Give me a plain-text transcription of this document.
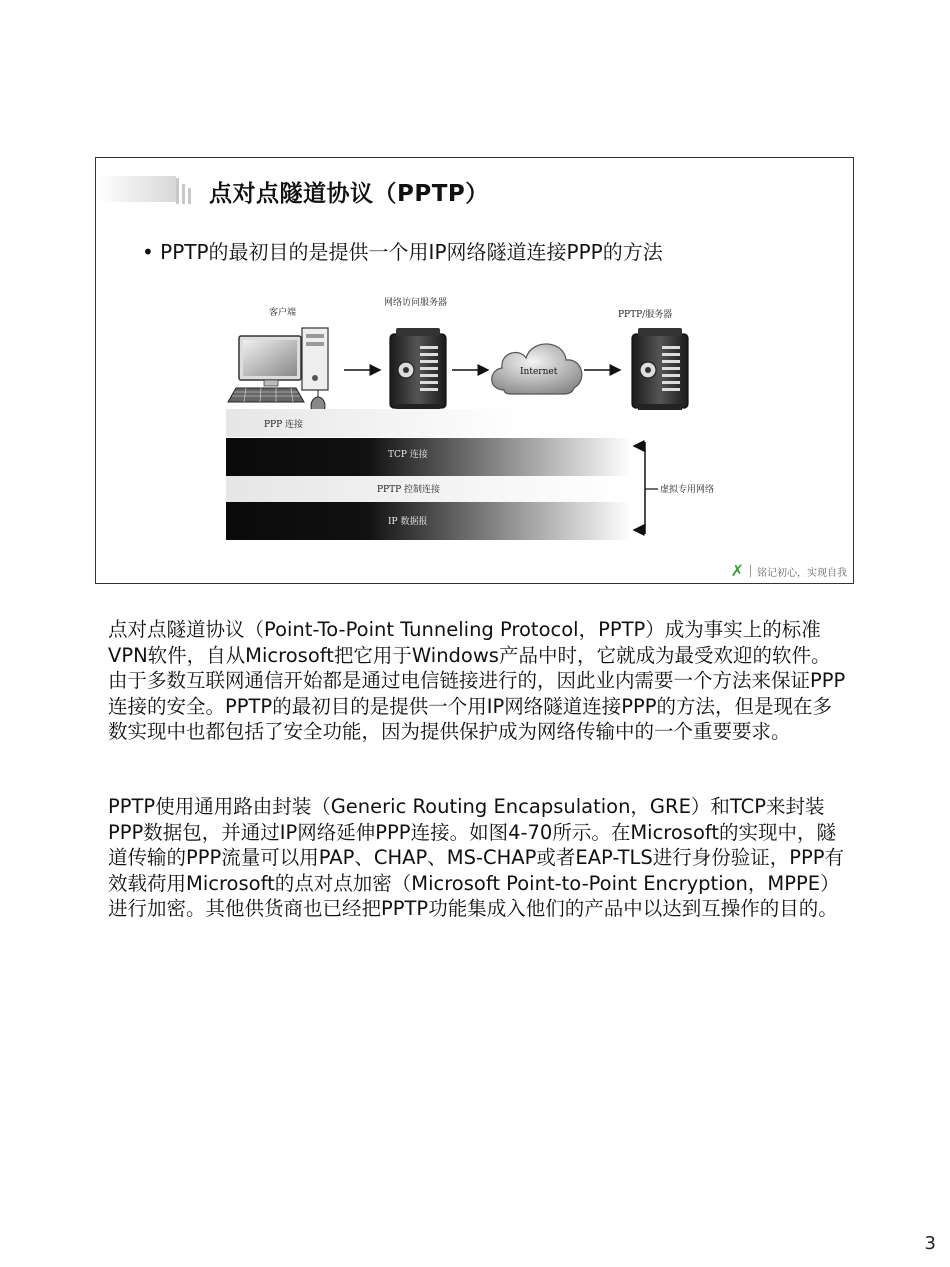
点对点隧道协议（PPTP）
• PPTP的最初目的是提供一个用IP网络隧道连接PPP的方法
客户端
网络访问服务器
PPTP/服务器
Internet
PPP 连接
TCP 连接
PPTP 控制连接
IP 数据报
虚拟专用网络
✗ 铭记初心，实现自我

点对点隧道协议（Point-To-Point Tunneling Protocol，PPTP）成为事实上的标准VPN软件，自从Microsoft把它用于Windows产品中时，它就成为最受欢迎的软件。由于多数互联网通信开始都是通过电信链接进行的，因此业内需要一个方法来保证PPP连接的安全。PPTP的最初目的是提供一个用IP网络隧道连接PPP的方法，但是现在多数实现中也都包括了安全功能，因为提供保护成为网络传输中的一个重要要求。

PPTP使用通用路由封装（Generic Routing Encapsulation，GRE）和TCP来封装PPP数据包，并通过IP网络延伸PPP连接。如图4-70所示。在Microsoft的实现中，隧道传输的PPP流量可以用PAP、CHAP、MS-CHAP或者EAP-TLS进行身份验证，PPP有效载荷用Microsoft的点对点加密（Microsoft Point-to-Point Encryption，MPPE）进行加密。其他供货商也已经把PPTP功能集成入他们的产品中以达到互操作的目的。

3
